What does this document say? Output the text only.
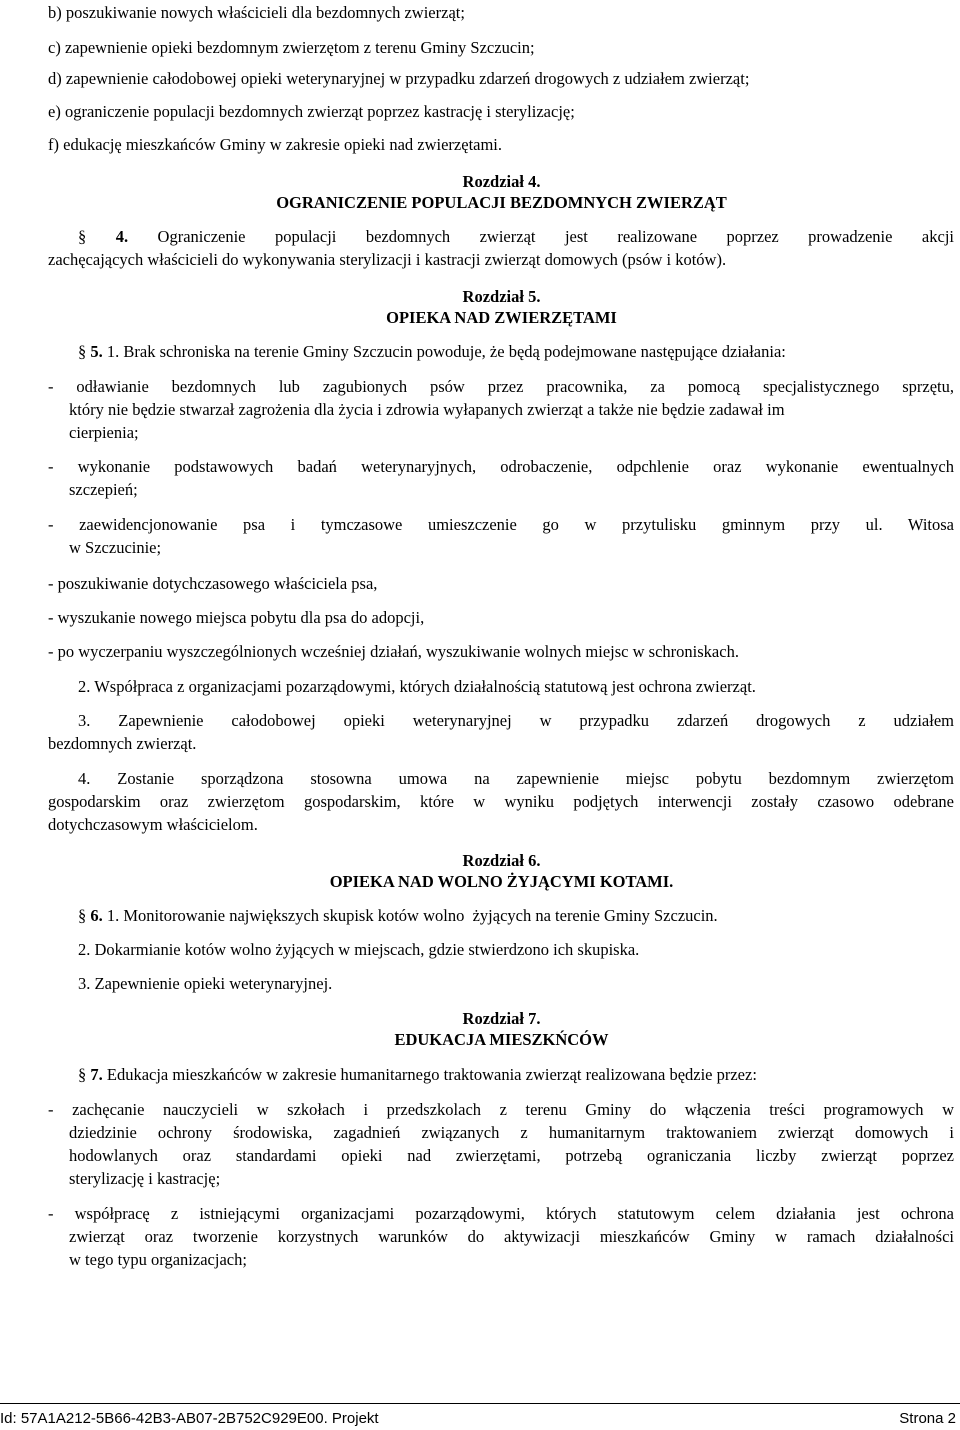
b) poszukiwanie nowych właścicieli dla bezdomnych zwierząt;
c) zapewnienie opieki bezdomnym zwierzętom z terenu Gminy Szczucin;
d) zapewnienie całodobowej opieki weterynaryjnej w przypadku zdarzeń drogowych z udziałem zwierząt;
e) ograniczenie populacji bezdomnych zwierząt poprzez kastrację i sterylizację;
f) edukację mieszkańców Gminy w zakresie opieki nad zwierzętami.
Rozdział 4.
OGRANICZENIE POPULACJI BEZDOMNYCH ZWIERZĄT
§ 4. Ograniczenie populacji bezdomnych zwierząt jest realizowane poprzez prowadzenie akcji
zachęcających właścicieli do wykonywania sterylizacji i kastracji zwierząt domowych (psów i kotów).
Rozdział 5.
OPIEKA NAD ZWIERZĘTAMI
§ 5. 1. Brak schroniska na terenie Gminy Szczucin powoduje, że będą podejmowane następujące działania:
- odławianie bezdomnych lub zagubionych psów przez pracownika, za pomocą specjalistycznego sprzętu,
który nie będzie stwarzał zagrożenia dla życia i zdrowia wyłapanych zwierząt a także nie będzie zadawał im
cierpienia;
- wykonanie podstawowych badań weterynaryjnych, odrobaczenie, odpchlenie oraz wykonanie ewentualnych
szczepień;
- zaewidencjonowanie psa i tymczasowe umieszczenie go w przytulisku gminnym przy ul. Witosa
w Szczucinie;
- poszukiwanie dotychczasowego właściciela psa,
- wyszukanie nowego miejsca pobytu dla psa do adopcji,
- po wyczerpaniu wyszczególnionych wcześniej działań, wyszukiwanie wolnych miejsc w schroniskach.
2. Współpraca z organizacjami pozarządowymi, których działalnością statutową jest ochrona zwierząt.
3. Zapewnienie całodobowej opieki weterynaryjnej w przypadku zdarzeń drogowych z udziałem
bezdomnych zwierząt.
4. Zostanie sporządzona stosowna umowa na zapewnienie miejsc pobytu bezdomnym zwierzętom
gospodarskim oraz zwierzętom gospodarskim, które w wyniku podjętych interwencji zostały czasowo odebrane
dotychczasowym właścicielom.
Rozdział 6.
OPIEKA NAD WOLNO ŻYJĄCYMI KOTAMI.
§ 6. 1. Monitorowanie największych skupisk kotów wolno  żyjących na terenie Gminy Szczucin.
2. Dokarmianie kotów wolno żyjących w miejscach, gdzie stwierdzono ich skupiska.
3. Zapewnienie opieki weterynaryjnej.
Rozdział 7.
EDUKACJA MIESZKŃCÓW
§ 7. Edukacja mieszkańców w zakresie humanitarnego traktowania zwierząt realizowana będzie przez:
- zachęcanie nauczycieli w szkołach i przedszkolach z terenu Gminy do włączenia treści programowych w
dziedzinie ochrony środowiska, zagadnień związanych z humanitarnym traktowaniem zwierząt domowych i
hodowlanych oraz standardami opieki nad zwierzętami, potrzebą ograniczania liczby zwierząt poprzez
sterylizację i kastrację;
- współpracę z istniejącymi organizacjami pozarządowymi, których statutowym celem działania jest ochrona
zwierząt oraz tworzenie korzystnych warunków do aktywizacji mieszkańców Gminy w ramach działalności
w tego typu organizacjach;
Id: 57A1A212-5B66-42B3-AB07-2B752C929E00. Projekt	Strona 2
